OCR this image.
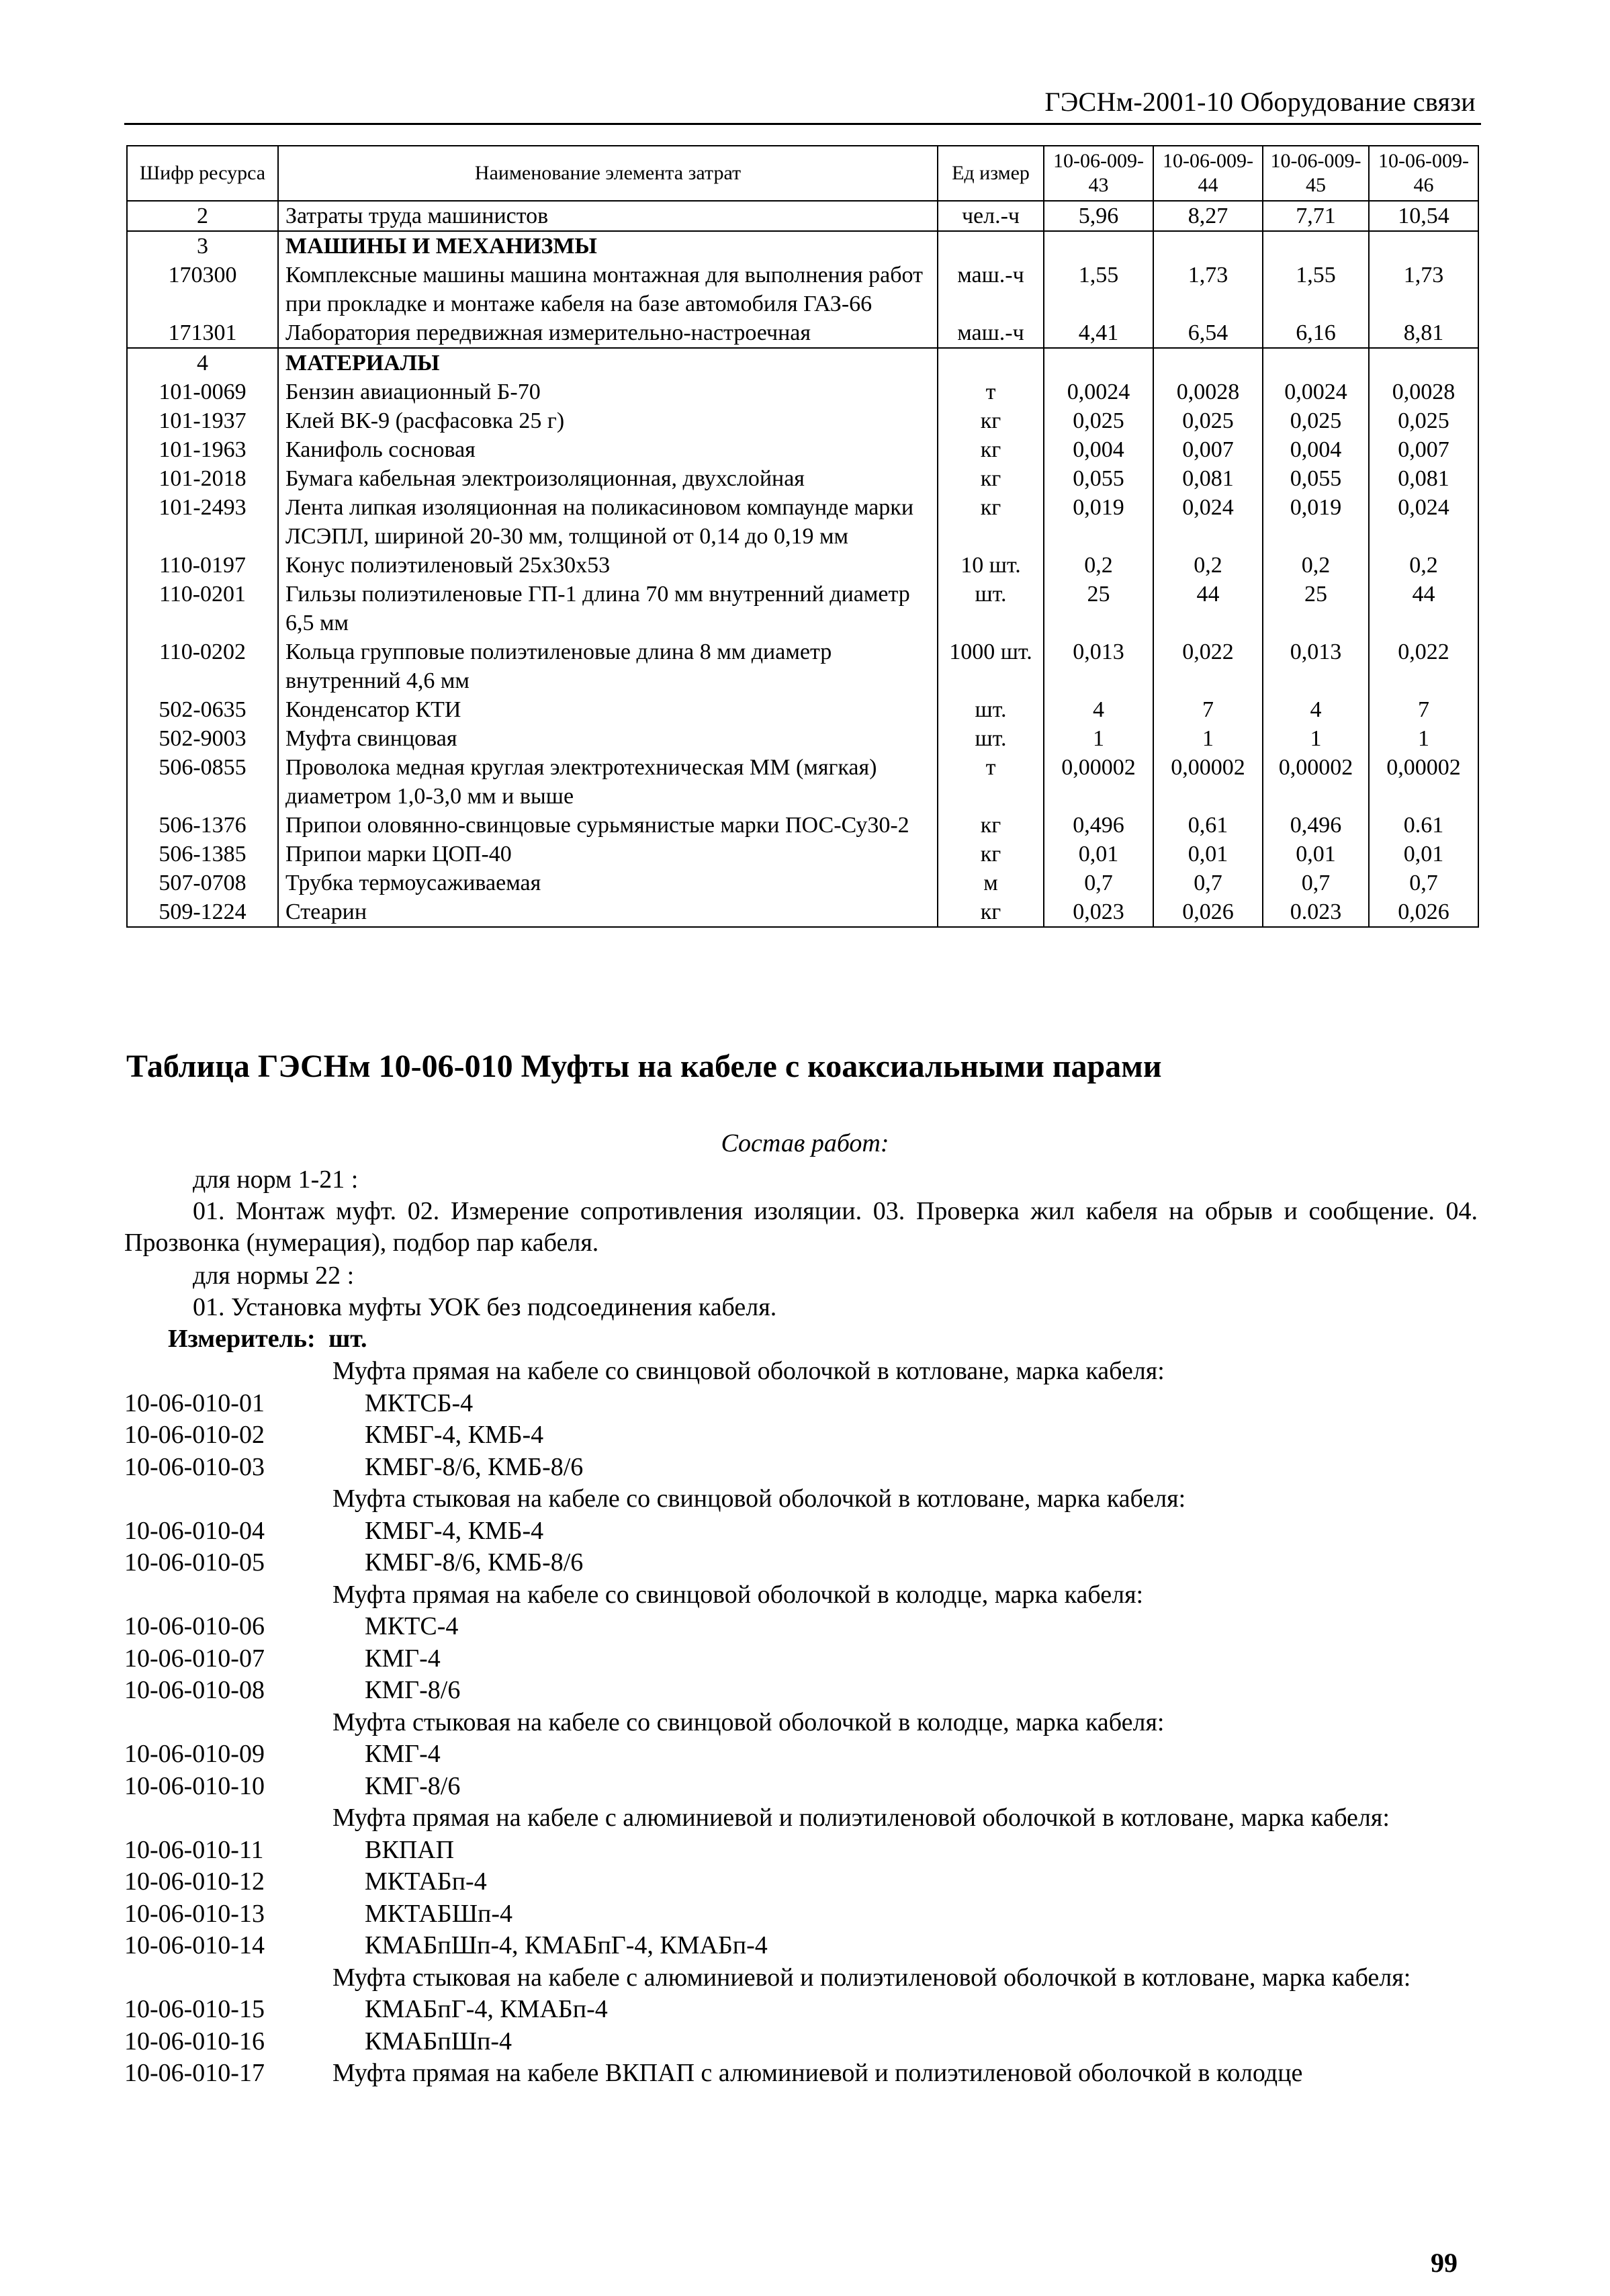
ГЭСНм-2001-10 Оборудование связи
Шифр ресурса	Наименование элемента затрат	Ед измер	10-06-009-43	10-06-009-44	10-06-009-45	10-06-009-46
2	Затраты труда машинистов	чел.-ч	5,96	8,27	7,71	10,54
3	МАШИНЫ И МЕХАНИЗМЫ					
170300	Комплексные машины машина монтажная для выполнения работ при прокладке и монтаже кабеля на базе автомобиля ГАЗ-66	маш.-ч	1,55	1,73	1,55	1,73
171301	Лаборатория передвижная измерительно-настроечная	маш.-ч	4,41	6,54	6,16	8,81
4	МАТЕРИАЛЫ					
101-0069	Бензин авиационный Б-70	т	0,0024	0,0028	0,0024	0,0028
101-1937	Клей ВК-9 (расфасовка 25 г)	кг	0,025	0,025	0,025	0,025
101-1963	Канифоль сосновая	кг	0,004	0,007	0,004	0,007
101-2018	Бумага кабельная электроизоляционная, двухслойная	кг	0,055	0,081	0,055	0,081
101-2493	Лента липкая изоляционная на поликасиновом компаунде марки ЛСЭПЛ, шириной 20-30 мм, толщиной от 0,14 до 0,19 мм	кг	0,019	0,024	0,019	0,024
110-0197	Конус полиэтиленовый 25х30х53	10 шт.	0,2	0,2	0,2	0,2
110-0201	Гильзы полиэтиленовые ГП-1 длина 70 мм внутренний диаметр 6,5 мм	шт.	25	44	25	44
110-0202	Кольца групповые полиэтиленовые длина 8 мм диаметр внутренний 4,6 мм	1000 шт.	0,013	0,022	0,013	0,022
502-0635	Конденсатор КТИ	шт.	4	7	4	7
502-9003	Муфта свинцовая	шт.	1	1	1	1
506-0855	Проволока медная круглая электротехническая ММ (мягкая) диаметром 1,0-3,0 мм и выше	т	0,00002	0,00002	0,00002	0,00002
506-1376	Припои оловянно-свинцовые сурьмянистые марки ПОС-Су30-2	кг	0,496	0,61	0,496	0.61
506-1385	Припои марки ЦОП-40	кг	0,01	0,01	0,01	0,01
507-0708	Трубка термоусаживаемая	м	0,7	0,7	0,7	0,7
509-1224	Стеарин	кг	0,023	0,026	0.023	0,026
Таблица ГЭСНм 10-06-010 Муфты на кабеле с коаксиальными парами
Состав работ:
для норм 1-21 :
01. Монтаж муфт. 02. Измерение сопротивления изоляции. 03. Проверка жил кабеля на обрыв и сообщение. 04. Прозвонка (нумерация), подбор пар кабеля.
для нормы 22 :
01. Установка муфты УОК без подсоединения кабеля.
Измеритель: шт.
Муфта прямая на кабеле со свинцовой оболочкой в котловане, марка кабеля:
10-06-010-01	МКТСБ-4
10-06-010-02	КМБГ-4, КМБ-4
10-06-010-03	КМБГ-8/6, КМБ-8/6
Муфта стыковая на кабеле со свинцовой оболочкой в котловане, марка кабеля:
10-06-010-04	КМБГ-4, КМБ-4
10-06-010-05	КМБГ-8/6, КМБ-8/6
Муфта прямая на кабеле со свинцовой оболочкой в колодце, марка кабеля:
10-06-010-06	МКТС-4
10-06-010-07	КМГ-4
10-06-010-08	КМГ-8/6
Муфта стыковая на кабеле со свинцовой оболочкой в колодце, марка кабеля:
10-06-010-09	КМГ-4
10-06-010-10	КМГ-8/6
Муфта прямая на кабеле с алюминиевой и полиэтиленовой оболочкой в котловане, марка кабеля:
10-06-010-11	ВКПАП
10-06-010-12	МКТАБп-4
10-06-010-13	МКТАБШп-4
10-06-010-14	КМАБпШп-4, КМАБпГ-4, КМАБп-4
Муфта стыковая на кабеле с алюминиевой и полиэтиленовой оболочкой в котловане, марка кабеля:
10-06-010-15	КМАБпГ-4, КМАБп-4
10-06-010-16	КМАБпШп-4
10-06-010-17	Муфта прямая на кабеле ВКПАП с алюминиевой и полиэтиленовой оболочкой в колодце
99
